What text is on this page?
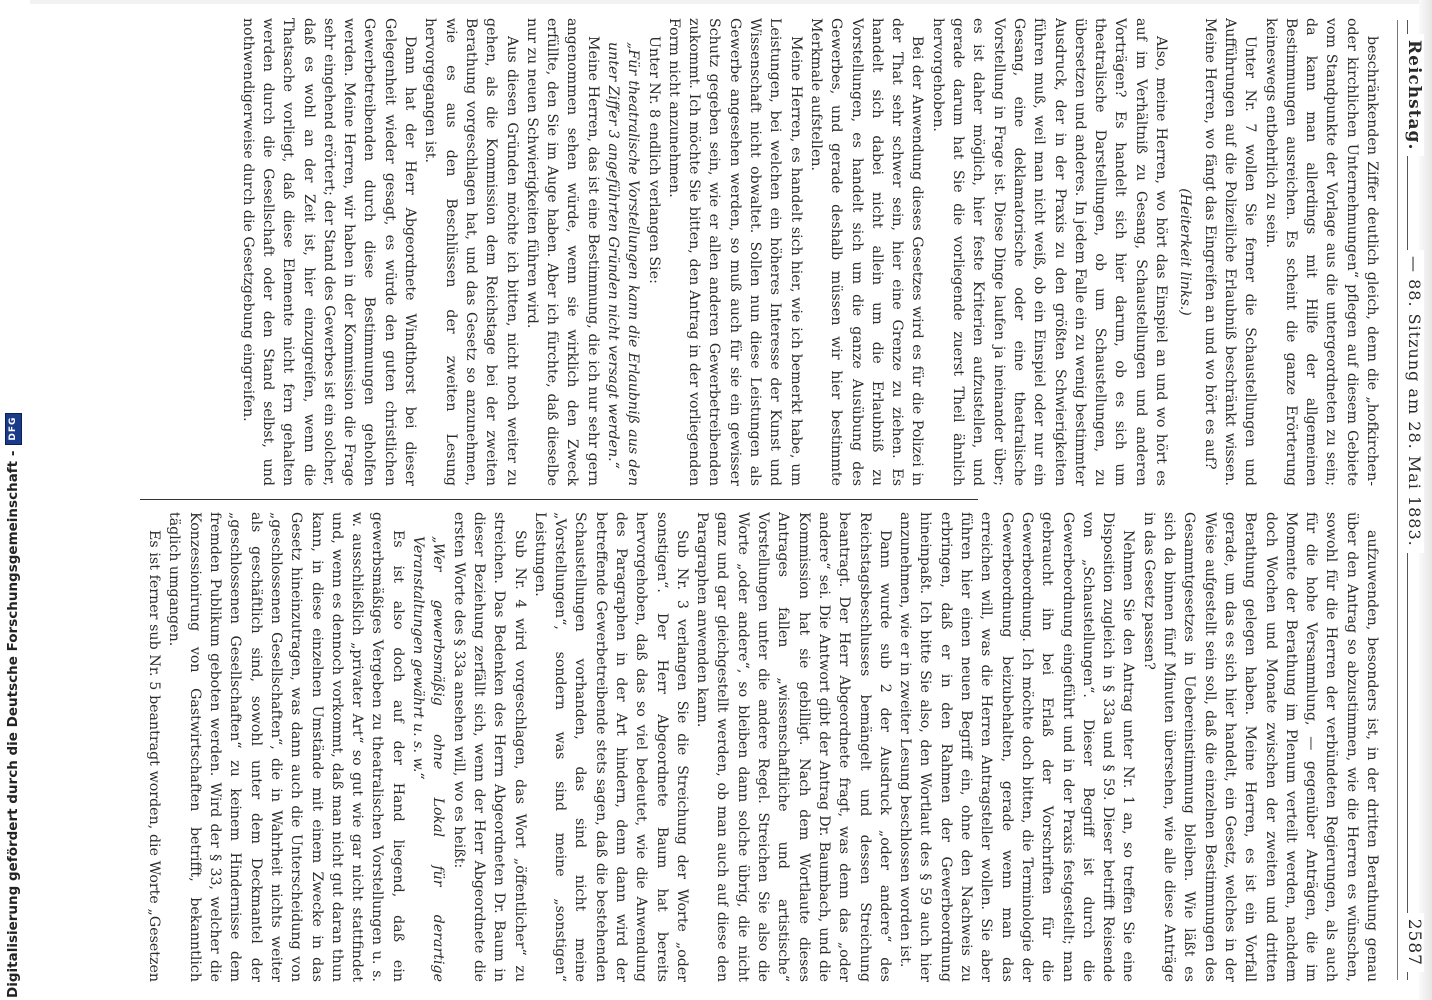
Digitalisierung gefördert durch die Deutsche Forschungsgemeinschaft -
DFG
Reichstag.
— 88. Sitzung am 28. Mai 1883.
2587

beschränkenden Ziffer deutlich gleich, denn die „hofkirchen- oder kirchlichen Unternehmungen“ pflegen auf diesem Gebiete vom Standpunkte der Vorlage aus die untergeordneten zu sein; da kann man allerdings mit Hilfe der allgemeinen Bestimmungen ausreichen. Es scheint die ganze Erörterung keineswegs entbehrlich zu sein.

Unter Nr. 7 wollen Sie ferner die Schaustellungen und Aufführungen auf die Polizeiliche Erlaubniß beschränkt wissen. Meine Herren, wo fängt das Eingreifen an und wo hört es auf?

(Heiterkeit links.)

Also, meine Herren, wo hört das Einspiel an und wo hört es auf im Verhältniß zu Gesang, Schaustellungen und anderen Vorträgen? Es handelt sich hier darum, ob es sich um theatralische Darstellungen, ob um Schaustellungen, zu übersetzen und anderes. In jedem Falle ein zu wenig bestimmter Ausdruck, der in der Praxis zu den größten Schwierigkeiten führen muß, weil man nicht weiß, ob ein Einspiel oder nur ein Gesang, eine deklamatorische oder eine theatralische Vorstellung in Frage ist. Diese Dinge laufen ja ineinander über; es ist daher möglich, hier feste Kriterien aufzustellen, und gerade darum hat Sie die vorliegende zuerst Theil ähnlich hervorgehoben.

Bei der Anwendung dieses Gesetzes wird es für die Polizei in der That sehr schwer sein, hier eine Grenze zu ziehen. Es handelt sich dabei nicht allein um die Erlaubniß zu Vorstellungen, es handelt sich um die ganze Ausübung des Gewerbes, und gerade deshalb müssen wir hier bestimmte Merkmale aufstellen.

Meine Herren, es handelt sich hier, wie ich bemerkt habe, um Leistungen, bei welchen ein höheres Interesse der Kunst und Wissenschaft nicht obwaltet. Sollen nun diese Leistungen als Gewerbe angesehen werden, so muß auch für sie ein gewisser Schutz gegeben sein, wie er allen anderen Gewerbetreibenden zukommt. Ich möchte Sie bitten, den Antrag in der vorliegenden Form nicht anzunehmen.

Unter Nr. 8 endlich verlangen Sie:

„Für theatralische Vorstellungen kann die Erlaubniß aus den unter Ziffer 3 angeführten Gründen nicht versagt werden.“

Meine Herren, das ist eine Bestimmung, die ich nur sehr gern angenommen sehen würde, wenn sie wirklich den Zweck erfüllte, den Sie im Auge haben. Aber ich fürchte, daß dieselbe nur zu neuen Schwierigkeiten führen wird.

Aus diesen Gründen möchte ich bitten, nicht noch weiter zu gehen, als die Kommission dem Reichstage bei der zweiten Berathung vorgeschlagen hat, und das Gesetz so anzunehmen, wie es aus den Beschlüssen der zweiten Lesung hervorgegangen ist.

Dann hat der Herr Abgeordnete Windthorst bei dieser Gelegenheit wieder gesagt, es würde den guten christlichen Gewerbetreibenden durch diese Bestimmungen geholfen werden. Meine Herren, wir haben in der Kommission die Frage sehr eingehend erörtert; der Stand des Gewerbes ist ein solcher, daß es wohl an der Zeit ist, hier einzugreifen, wenn die Thatsache vorliegt, daß diese Elemente nicht fern gehalten werden durch die Gesellschaft oder den Stand selbst, und nothwendigerweise durch die Gesetzgebung eingreifen.

aufzuwenden, besonders ist, in der dritten Berathung genau über den Antrag so abzustimmen, wie die Herren es wünschen, sowohl für die Herren der verbündeten Regierungen, als auch für die hohe Versammlung, — gegenüber Anträgen, die im Momente der Berathung im Plenum verteilt werden, nachdem doch Wochen und Monate zwischen der zweiten und dritten Berathung gelegen haben. Meine Herren, es ist ein Vorfall gerade, um das es sich hier handelt, ein Gesetz, welches in der Weise aufgestellt sein soll, daß die einzelnen Bestimmungen des Gesammtgesetzes in Uebereinstimmung bleiben. Wie läßt es sich da binnen fünf Minuten übersehen, wie alle diese Anträge in das Gesetz passen?

Nehmen Sie den Antrag unter Nr. 1 an, so treffen Sie eine Disposition zugleich in § 33a und § 59. Dieser betrifft Reisende von „Schaustellungen“. Dieser Begriff ist durch die Gewerbeordnung eingeführt und in der Praxis festgestellt; man gebraucht ihn bei Erlaß der Vorschriften für die Gewerbeordnung. Ich möchte doch bitten, die Terminologie der Gewerbeordnung beizubehalten, gerade wenn man das erreichen will, was die Herren Antragsteller wollen. Sie aber führen hier einen neuen Begriff ein, ohne den Nachweis zu erbringen, daß er in den Rahmen der Gewerbeordnung hineinpaßt. Ich bitte Sie also, den Wortlaut des § 59 auch hier anzunehmen, wie er in zweiter Lesung beschlossen worden ist.

Dann wurde sub 2 der Ausdruck „oder andere“ des Reichstagsbeschlusses bemängelt und dessen Streichung beantragt. Der Herr Abgeordnete fragt, was denn das „oder andere“ sei. Die Antwort gibt der Antrag Dr. Baumbach, und die Kommission hat sie gebilligt. Nach dem Wortlaute dieses Antrages fallen „wissenschaftliche und artistische“ Vorstellungen unter die andere Regel. Streichen Sie also die Worte „oder andere“, so bleiben dann solche übrig, die nicht ganz und gar gleichgestellt werden, ob man auch auf diese den Paragraphen anwenden kann.

Sub Nr. 3 verlangen Sie die Streichung der Worte „oder sonstigen“. Der Herr Abgeordnete Baum hat bereits hervorgehoben, daß das so viel bedeutet, wie die Anwendung des Paragraphen in der Art hindern, denn dann wird der betreffende Gewerbetreibende stets sagen, daß die bestehenden Schaustellungen vorhanden, das sind nicht meine „Vorstellungen“, sondern was sind meine „sonstigen“ Leistungen.

Sub Nr. 4 wird vorgeschlagen, das Wort „öffentlicher“ zu streichen. Das Bedenken des Herrn Abgeordneten Dr. Baum in dieser Beziehung zerfällt sich, wenn der Herr Abgeordnete die ersten Worte des § 33a ansehen will, wo es heißt:

„Wer gewerbsmäßig ohne Lokal für derartige Veranstaltungen gewährt u. s. w.“

Es ist also doch auf der Hand liegend, daß ein gewerbsmäßiges Vergeben zu theatralischen Vorstellungen u. s. w. ausschließlich „privater Art“ so gut wie gar nicht stattfindet und, wenn es dennoch vorkommt, daß man nicht gut daran thun kann, in diese einzelnen Umstände mit einem Zwecke in das Gesetz hineinzutragen, was dann auch die Unterscheidung von „geschlossenen Gesellschaften“, die in Wahrheit nichts weiter als geschäftlich sind, sowohl unter dem Deckmantel der „geschlossenen Gesellschaften“ zu keinem Hindernisse dem fremden Publikum geboten werden. Wird der § 33, welcher die Konzessionirung von Gastwirtschaften betrifft, bekanntlich täglich umgangen.

Es ist ferner sub Nr. 5 beantragt worden, die Worte „Gesetzen
